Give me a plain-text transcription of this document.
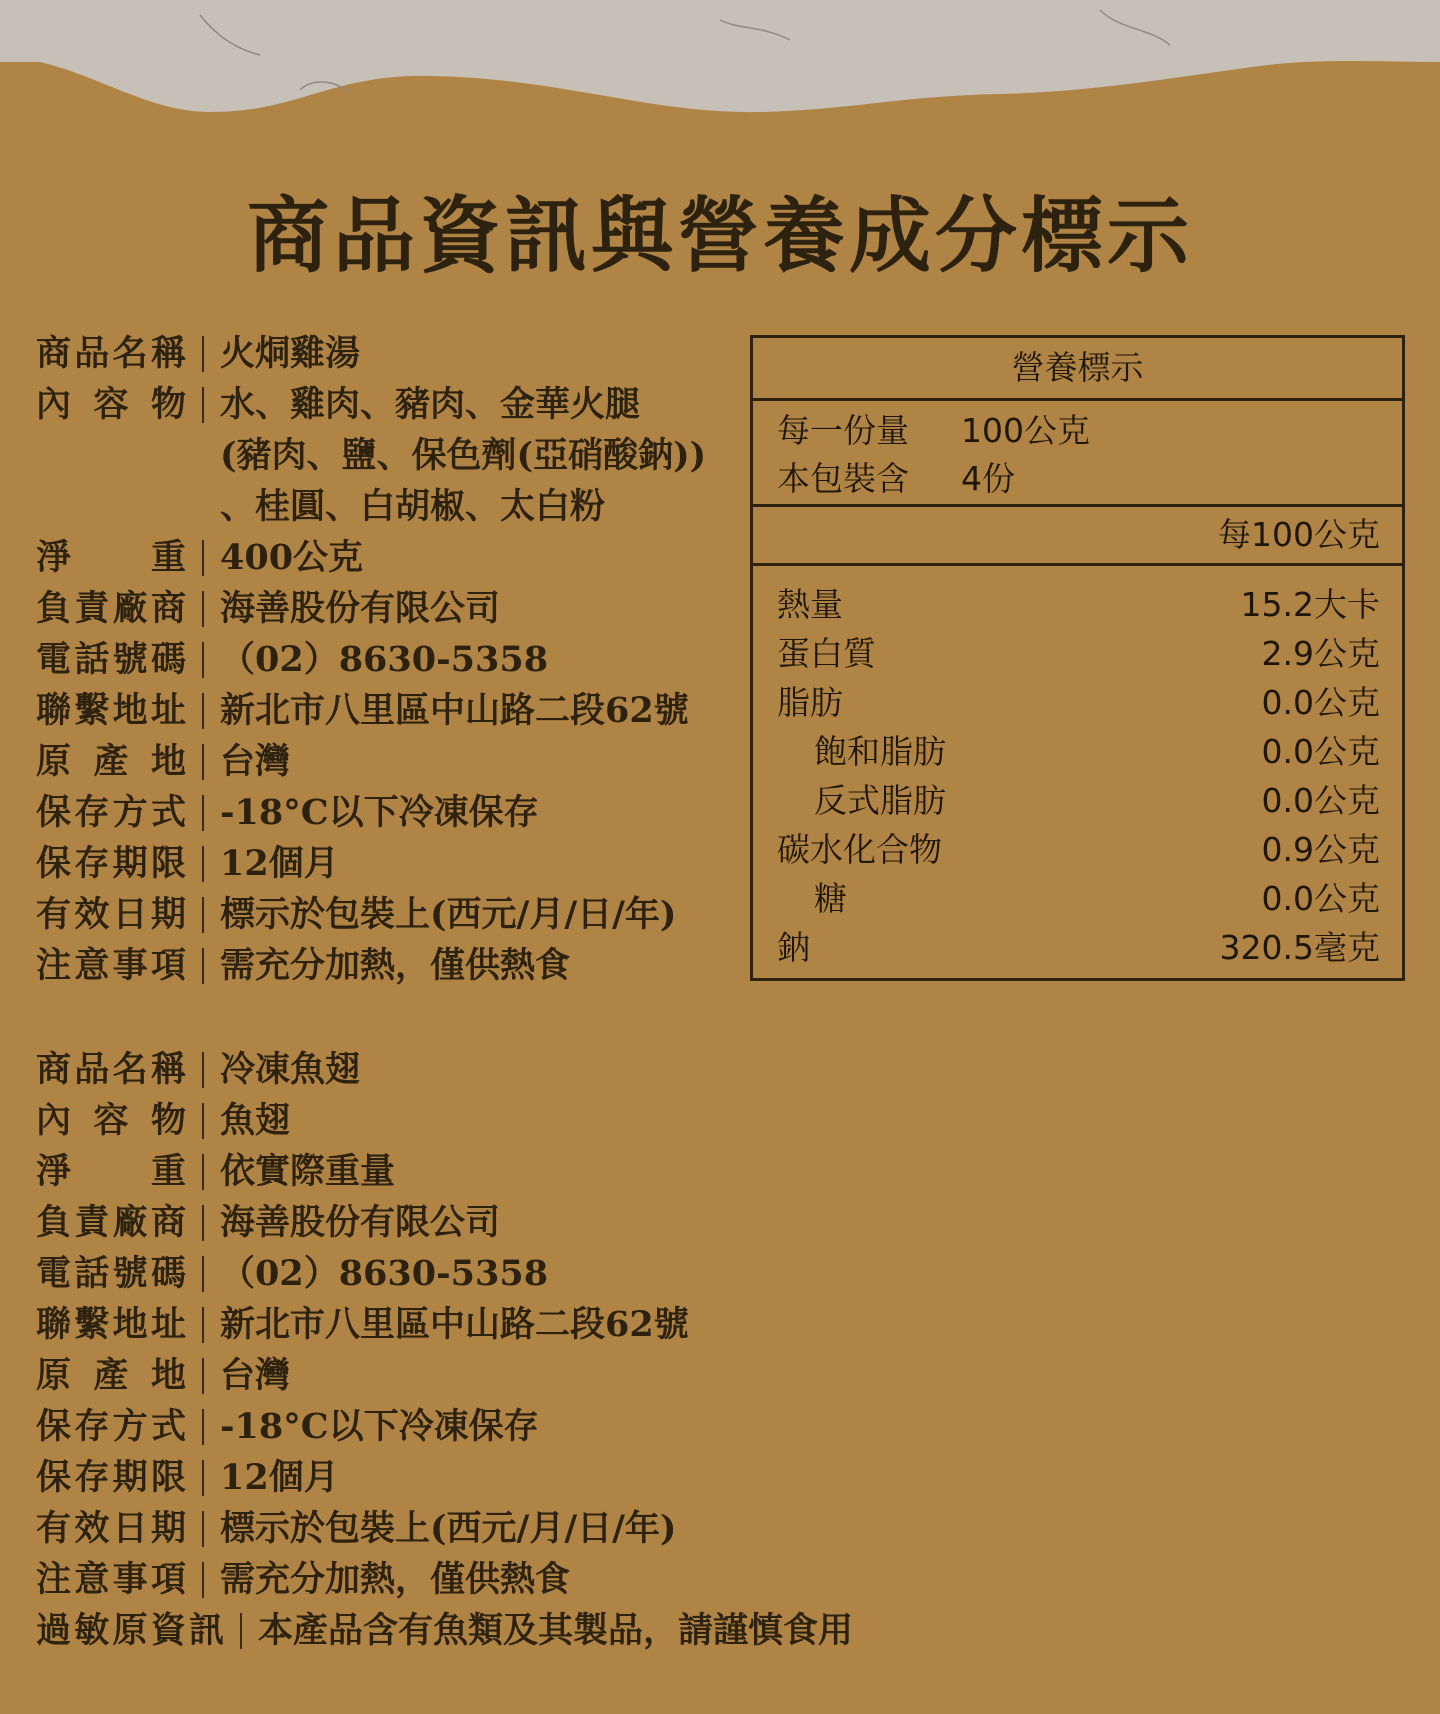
商品資訊與營養成分標示
商 品 名 稱 火烔雞湯
內 容 物 水、雞肉、豬肉、金華火腿
(豬肉、鹽、保色劑(亞硝酸鈉))
、桂圓、白胡椒、太白粉
淨 重 400公克
負 責 廠 商 海善股份有限公司
電 話 號 碼 （02）8630-5358
聯 繫 地 址 新北市八里區中山路二段62號
原 產 地 台灣
保 存 方 式 -18°C以下冷凍保存
保 存 期 限 12個月
有 效 日 期 標示於包裝上(西元/月/日/年)
注 意 事 項 需充分加熱，僅供熱食
商 品 名 稱 冷凍魚翅
內 容 物 魚翅
淨 重 依實際重量
負 責 廠 商 海善股份有限公司
電 話 號 碼 （02）8630-5358
聯 繫 地 址 新北市八里區中山路二段62號
原 產 地 台灣
保 存 方 式 -18°C以下冷凍保存
保 存 期 限 12個月
有 效 日 期 標示於包裝上(西元/月/日/年)
注 意 事 項 需充分加熱，僅供熱食
過 敏 原 資 訊 本產品含有魚類及其製品，請謹慎食用
營養標示
每一份量	100公克
本包裝含	4份
每100公克
熱量	15.2大卡
蛋白質	2.9公克
脂肪	0.0公克
飽和脂肪	0.0公克
反式脂肪	0.0公克
碳水化合物	0.9公克
糖	0.0公克
鈉	320.5毫克
